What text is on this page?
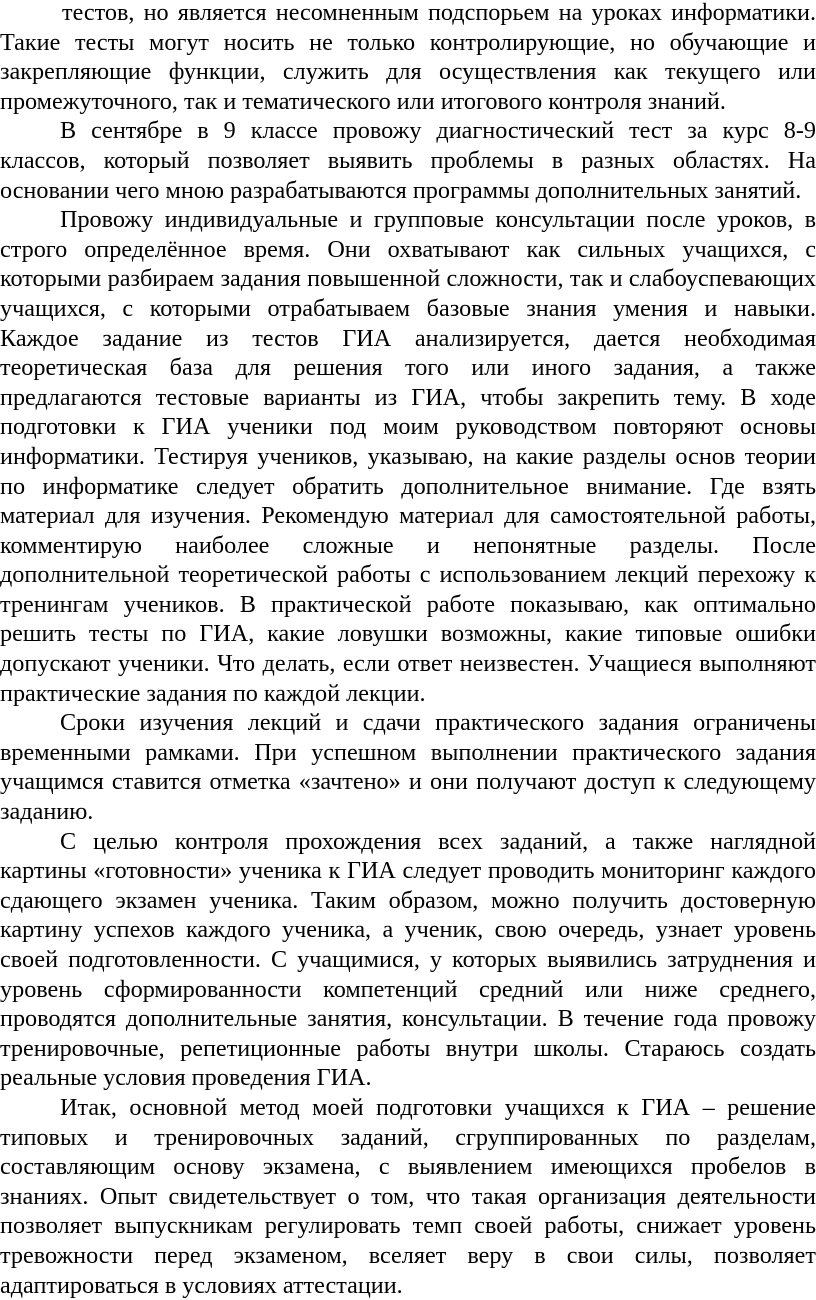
тестов, но является несомненным подспорьем на уроках информатики. Такие тесты могут носить не только контролирующие, но обучающие и закрепляющие функции, служить для осуществления как текущего или промежуточного, так и тематического или итогового контроля знаний.

В сентябре в 9 классе провожу диагностический тест за курс 8-9 классов, который позволяет выявить проблемы в разных областях. На основании чего мною разрабатываются программы дополнительных занятий.

Провожу индивидуальные и групповые консультации после уроков, в строго определённое время. Они охватывают как сильных учащихся, с которыми разбираем задания повышенной сложности, так и слабоуспевающих учащихся, с которыми отрабатываем базовые знания умения и навыки. Каждое задание из тестов ГИА анализируется, дается необходимая теоретическая база для решения того или иного задания, а также предлагаются тестовые варианты из ГИА, чтобы закрепить тему. В ходе подготовки к ГИА ученики под моим руководством повторяют основы информатики. Тестируя учеников, указываю, на какие разделы основ теории по информатике следует обратить дополнительное внимание. Где взять материал для изучения. Рекомендую материал для самостоятельной работы, комментирую наиболее сложные и непонятные разделы. После дополнительной теоретической работы с использованием лекций перехожу к тренингам учеников. В практической работе показываю, как оптимально решить тесты по ГИА, какие ловушки возможны, какие типовые ошибки допускают ученики. Что делать, если ответ неизвестен. Учащиеся выполняют практические задания по каждой лекции.

Сроки изучения лекций и сдачи практического задания ограничены временными рамками. При успешном выполнении практического задания учащимся ставится отметка «зачтено» и они получают доступ к следующему заданию.

С целью контроля прохождения всех заданий, а также наглядной картины «готовности» ученика к ГИА следует проводить мониторинг каждого сдающего экзамен ученика. Таким образом, можно получить достоверную картину успехов каждого ученика, а ученик, свою очередь, узнает уровень своей подготовленности. С учащимися, у которых выявились затруднения и уровень сформированности компетенций средний или ниже среднего, проводятся дополнительные занятия, консультации. В течение года провожу тренировочные, репетиционные работы внутри школы. Стараюсь создать реальные условия проведения ГИА.

Итак, основной метод моей подготовки учащихся к ГИА – решение типовых и тренировочных заданий, сгруппированных по разделам, составляющим основу экзамена, с выявлением имеющихся пробелов в знаниях. Опыт свидетельствует о том, что такая организация деятельности позволяет выпускникам регулировать темп своей работы, снижает уровень тревожности перед экзаменом, вселяет веру в свои силы, позволяет адаптироваться в условиях аттестации.
